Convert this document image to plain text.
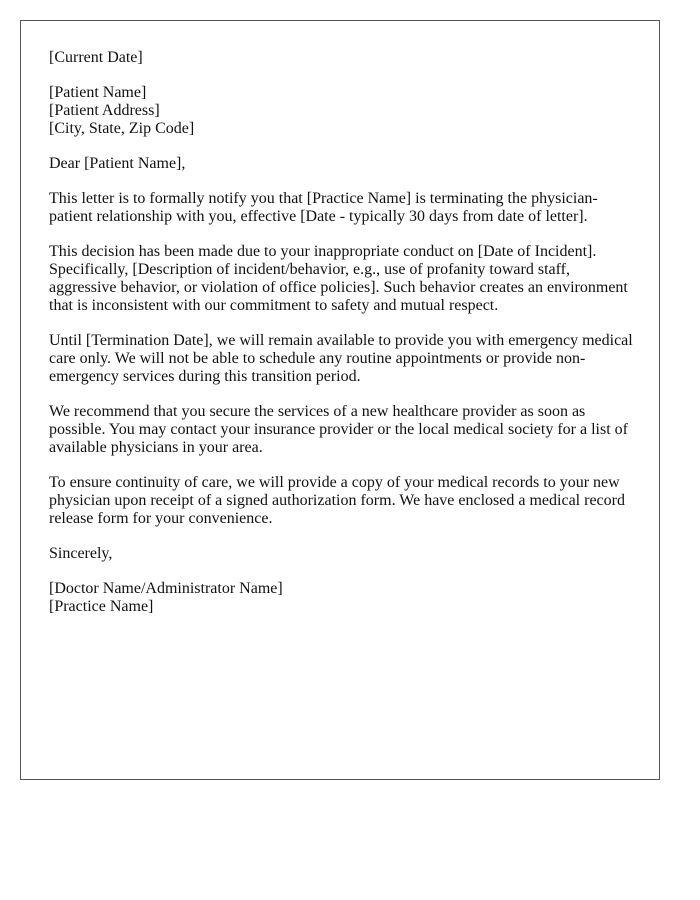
[Current Date]

[Patient Name]
[Patient Address]
[City, State, Zip Code]

Dear [Patient Name],

This letter is to formally notify you that [Practice Name] is terminating the physician-patient relationship with you, effective [Date - typically 30 days from date of letter].

This decision has been made due to your inappropriate conduct on [Date of Incident]. Specifically, [Description of incident/behavior, e.g., use of profanity toward staff, aggressive behavior, or violation of office policies]. Such behavior creates an environment that is inconsistent with our commitment to safety and mutual respect.

Until [Termination Date], we will remain available to provide you with emergency medical care only. We will not be able to schedule any routine appointments or provide non-emergency services during this transition period.

We recommend that you secure the services of a new healthcare provider as soon as possible. You may contact your insurance provider or the local medical society for a list of available physicians in your area.

To ensure continuity of care, we will provide a copy of your medical records to your new physician upon receipt of a signed authorization form. We have enclosed a medical record release form for your convenience.

Sincerely,

[Doctor Name/Administrator Name]
[Practice Name]
